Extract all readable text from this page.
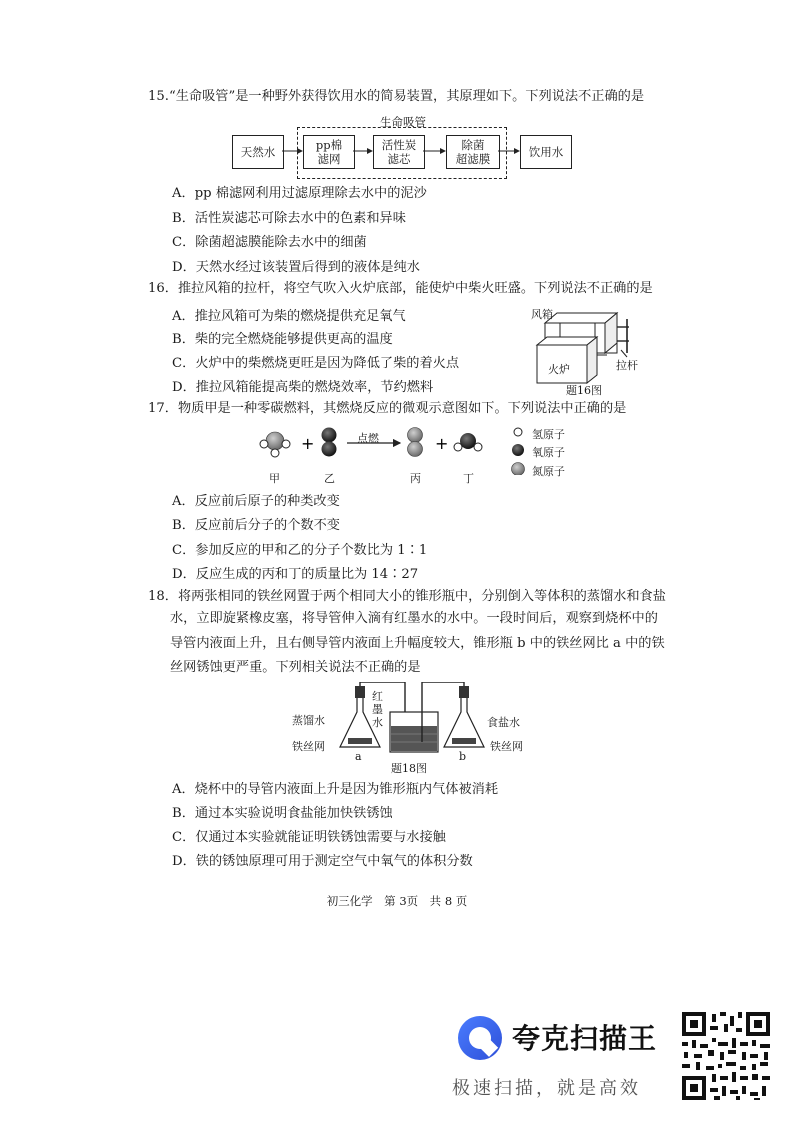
15.“生命吸管”是一种野外获得饮用水的简易装置，其原理如下。下列说法不正确的是
生命吸管
天然水	pp棉
滤网
活性炭
滤芯
除菌
超滤膜	饮用水
A．pp 棉滤网利用过滤原理除去水中的泥沙
B．活性炭滤芯可除去水中的色素和异味
C．除菌超滤膜能除去水中的细菌
D．天然水经过该装置后得到的液体是纯水
16．推拉风箱的拉杆，将空气吹入火炉底部，能使炉中柴火旺盛。下列说法不正确的是
A．推拉风箱可为柴的燃烧提供充足氧气
B．柴的完全燃烧能够提供更高的温度
C．火炉中的柴燃烧更旺是因为降低了柴的着火点
D．推拉风箱能提高柴的燃烧效率，节约燃料
风箱
火炉	拉杆
题16图
17．物质甲是一种零碳燃料，其燃烧反应的微观示意图如下。下列说法中正确的是
+	+
点燃
甲	乙	丙	丁
氢原子
氧原子
氮原子
A．反应前后原子的种类改变
B．反应前后分子的个数不变
C．参加反应的甲和乙的分子个数比为 1∶1
D．反应生成的丙和丁的质量比为 14∶27
18．将两张相同的铁丝网置于两个相同大小的锥形瓶中，分别倒入等体积的蒸馏水和食盐
水，立即旋紧橡皮塞，将导管伸入滴有红墨水的水中。一段时间后，观察到烧杯中的
导管内液面上升，且右侧导管内液面上升幅度较大，锥形瓶 b 中的铁丝网比 a 中的铁
丝网锈蚀更严重。下列相关说法不正确的是
蒸馏水
铁丝网
红
墨
水	食盐水
铁丝网
a	b
题18图
A．烧杯中的导管内液面上升是因为锥形瓶内气体被消耗
B．通过本实验说明食盐能加快铁锈蚀
C．仅通过本实验就能证明铁锈蚀需要与水接触
D．铁的锈蚀原理可用于测定空气中氧气的体积分数
初三化学　第 3页　共 8 页
夸克扫描王
极速扫描，就是高效
